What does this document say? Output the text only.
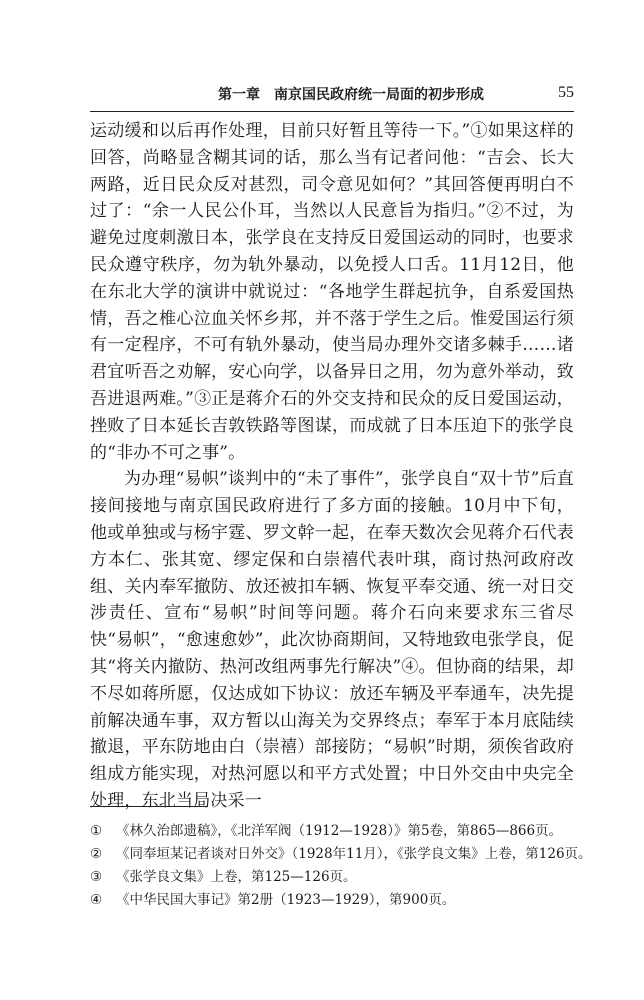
第一章　南京国民政府统一局面的初步形成	55

运动缓和以后再作处理，目前只好暂且等待一下。”①如果这样的回答，尚略显含糊其词的话，那么当有记者问他：“吉会、长大两路，近日民众反对甚烈，司令意见如何？”其回答便再明白不过了：“余一人民公仆耳，当然以人民意旨为指归。”②不过，为避免过度刺激日本，张学良在支持反日爱国运动的同时，也要求民众遵守秩序，勿为轨外暴动，以免授人口舌。11月12日，他在东北大学的演讲中就说过：“各地学生群起抗争，自系爱国热情，吾之椎心泣血关怀乡邦，并不落于学生之后。惟爱国运行须有一定程序，不可有轨外暴动，使当局办理外交诸多棘手……诸君宜听吾之劝解，安心向学，以备异日之用，勿为意外举动，致吾进退两难。”③正是蒋介石的外交支持和民众的反日爱国运动，挫败了日本延长吉敦铁路等图谋，而成就了日本压迫下的张学良的“非办不可之事”。

为办理“易帜”谈判中的“未了事件”，张学良自“双十节”后直接间接地与南京国民政府进行了多方面的接触。10月中下旬，他或单独或与杨宇霆、罗文幹一起，在奉天数次会见蒋介石代表方本仁、张其宽、缪定保和白崇禧代表叶琪，商讨热河政府改组、关内奉军撤防、放还被扣车辆、恢复平奉交通、统一对日交涉责任、宣布“易帜”时间等问题。蒋介石向来要求东三省尽快“易帜”，“愈速愈妙”，此次协商期间，又特地致电张学良，促其“将关内撤防、热河改组两事先行解决”④。但协商的结果，却不尽如蒋所愿，仅达成如下协议：放还车辆及平奉通车，决先提前解决通车事，双方暂以山海关为交界终点；奉军于本月底陆续撤退，平东防地由白（崇禧）部接防；“易帜”时期，须俟省政府组成方能实现，对热河愿以和平方式处置；中日外交由中央完全处理，东北当局决采一

①	《林久治郎遗稿》，《北洋军阀（1912—1928）》第5卷，第865—866页。
②	《同奉垣某记者谈对日外交》（1928年11月），《张学良文集》上卷，第126页。
③	《张学良文集》上卷，第125—126页。
④	《中华民国大事记》第2册（1923—1929），第900页。
